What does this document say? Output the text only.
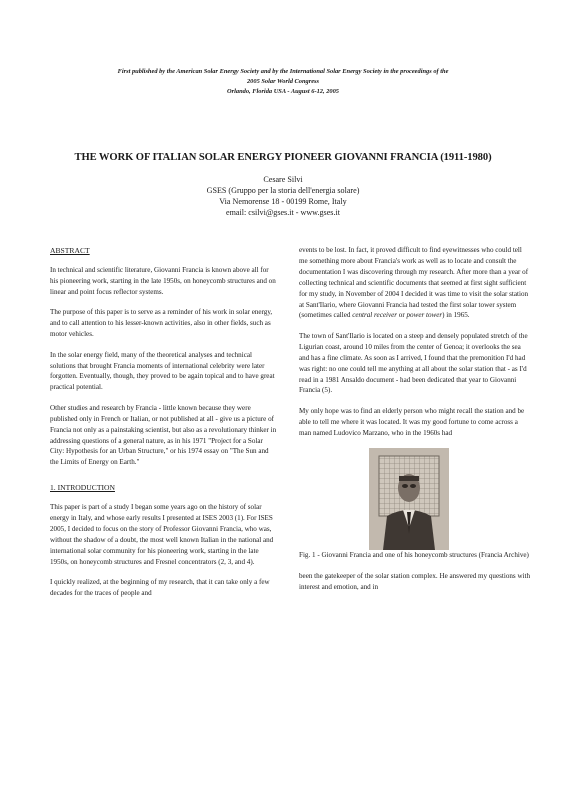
First published by the American Solar Energy Society and by the International Solar Energy Society in the proceedings of the
2005 Solar World Congress
Orlando, Florida USA - August 6-12, 2005
THE WORK OF ITALIAN SOLAR ENERGY PIONEER GIOVANNI FRANCIA (1911-1980)
Cesare Silvi
GSES (Gruppo per la storia dell'energia solare)
Via Nemorense 18 - 00199 Rome, Italy
email: csilvi@gses.it - www.gses.it
ABSTRACT

In technical and scientific literature, Giovanni Francia is known above all for his pioneering work, starting in the late 1950s, on honeycomb structures and on linear and point focus reflector systems.

The purpose of this paper is to serve as a reminder of his work in solar energy, and to call attention to his lesser-known activities, also in other fields, such as motor vehicles.

In the solar energy field, many of the theoretical analyses and technical solutions that brought Francia moments of international celebrity were later forgotten. Eventually, though, they proved to be again topical and to have great practical potential.

Other studies and research by Francia - little known because they were published only in French or Italian, or not published at all - give us a picture of Francia not only as a painstaking scientist, but also as a revolutionary thinker in addressing questions of a general nature, as in his 1971 "Project for a Solar City: Hypothesis for an Urban Structure," or his 1974 essay on "The Sun and the Limits of Energy on Earth."

1. INTRODUCTION

This paper is part of a study I began some years ago on the history of solar energy in Italy, and whose early results I presented at ISES 2003 (1). For ISES 2005, I decided to focus on the story of Professor Giovanni Francia, who was, without the shadow of a doubt, the most well known Italian in the national and international solar community for his pioneering work, starting in the late 1950s, on honeycomb structures and Fresnel concentrators (2, 3, and 4).

I quickly realized, at the beginning of my research, that it can take only a few decades for the traces of people and

events to be lost. In fact, it proved difficult to find eyewitnesses who could tell me something more about Francia's work as well as to locate and consult the documentation I was discovering through my research. After more than a year of collecting technical and scientific documents that seemed at first sight sufficient for my study, in November of 2004 I decided it was time to visit the solar station at Sant'Ilario, where Giovanni Francia had tested the first solar tower system (sometimes called central receiver or power tower) in 1965.

The town of Sant'Ilario is located on a steep and densely populated stretch of the Ligurian coast, around 10 miles from the center of Genoa; it overlooks the sea and has a fine climate. As soon as I arrived, I found that the premonition I'd had was right: no one could tell me anything at all about the solar station that - as I'd read in a 1981 Ansaldo document - had been dedicated that year to Giovanni Francia (5).

My only hope was to find an elderly person who might recall the station and be able to tell me where it was located. It was my good fortune to come across a man named Ludovico Marzano, who in the 1960s had

Fig. 1 - Giovanni Francia and one of his honeycomb structures (Francia Archive)

been the gatekeeper of the solar station complex. He answered my questions with interest and emotion, and in
